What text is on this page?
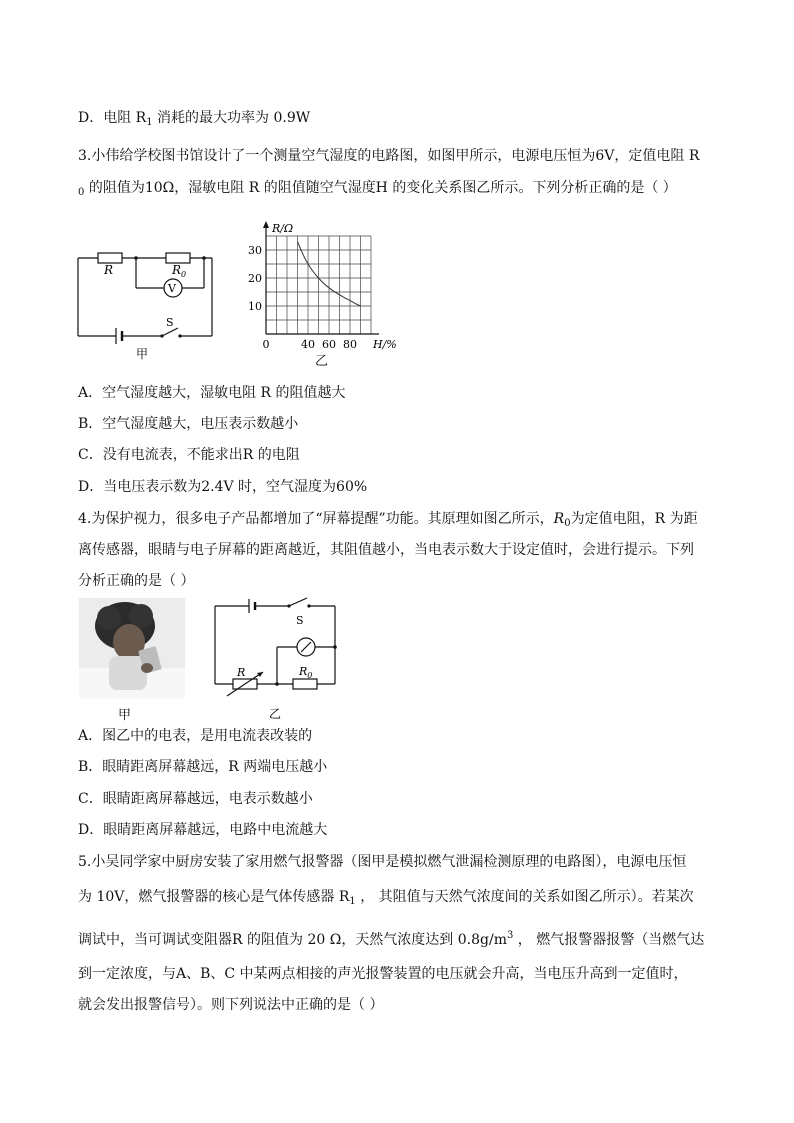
D．电阻 $R_1$ 消耗的最大功率为 0.9W
3.小伟给学校图书馆设计了一个测量空气湿度的电路图，如图甲所示，电源电压恒为6V，定值电阻 R
$_0$ 的阻值为10Ω，湿敏电阻 R 的阻值随空气湿度H 的变化关系图乙所示。下列分析正确的是（ ）
R	$R_0$
V
S
甲
0	40 60 80
10
20
30
R/Ω
H/%
乙
A．空气湿度越大，湿敏电阻 R 的阻值越大
B．空气湿度越大，电压表示数越小
C．没有电流表，不能求出R 的电阻
D．当电压表示数为2.4V 时，空气湿度为60%
4.为保护视力，很多电子产品都增加了“屏幕提醒”功能。其原理如图乙所示，$R_0$为定值电阻，R 为距
离传感器，眼睛与电子屏幕的距离越近，其阻值越小，当电表示数大于设定值时，会进行提示。下列
分析正确的是（ ）
甲
S
R	$R_0$
乙
A．图乙中的电表，是用电流表改装的
B．眼睛距离屏幕越远，R 两端电压越小
C．眼睛距离屏幕越远，电表示数越小
D．眼睛距离屏幕越远，电路中电流越大
5.小吴同学家中厨房安装了家用燃气报警器（图甲是模拟燃气泄漏检测原理的电路图），电源电压恒
为 10V，燃气报警器的核心是气体传感器 $R_1$ ， 其阻值与天然气浓度间的关系如图乙所示）。若某次
调试中，当可调试变阻器R 的阻值为 20 Ω，天然气浓度达到 $0.8g/m^3$ ， 燃气报警器报警（当燃气达
到一定浓度，与A、B、C 中某两点相接的声光报警装置的电压就会升高，当电压升高到一定值时，
就会发出报警信号）。则下列说法中正确的是（ ）
